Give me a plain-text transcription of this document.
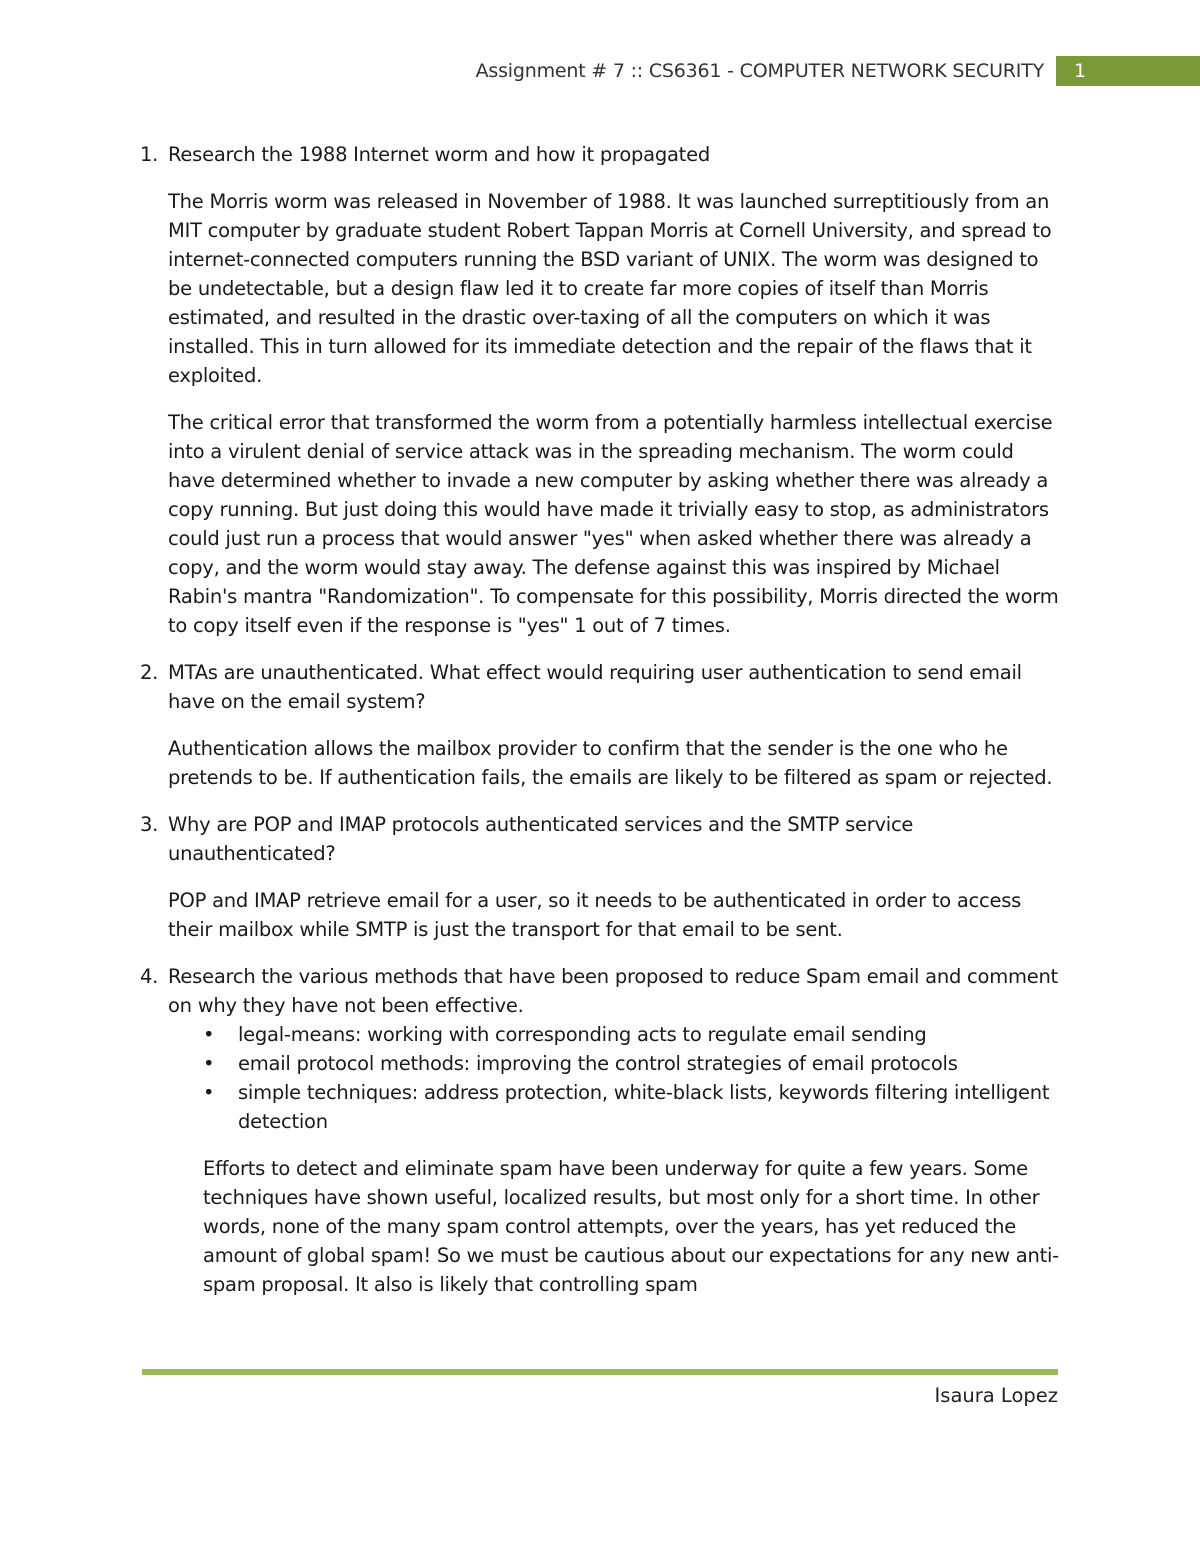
Assignment # 7 :: CS6361 - COMPUTER NETWORK SECURITY	1
1. Research the 1988 Internet worm and how it propagated

The Morris worm was released in November of 1988. It was launched surreptitiously from an MIT computer by graduate student Robert Tappan Morris at Cornell University, and spread to internet-connected computers running the BSD variant of UNIX. The worm was designed to be undetectable, but a design flaw led it to create far more copies of itself than Morris estimated, and resulted in the drastic over-taxing of all the computers on which it was installed. This in turn allowed for its immediate detection and the repair of the flaws that it exploited.

The critical error that transformed the worm from a potentially harmless intellectual exercise into a virulent denial of service attack was in the spreading mechanism. The worm could have determined whether to invade a new computer by asking whether there was already a copy running. But just doing this would have made it trivially easy to stop, as administrators could just run a process that would answer "yes" when asked whether there was already a copy, and the worm would stay away. The defense against this was inspired by Michael Rabin's mantra "Randomization". To compensate for this possibility, Morris directed the worm to copy itself even if the response is "yes" 1 out of 7 times.

2. MTAs are unauthenticated. What effect would requiring user authentication to send email have on the email system?

Authentication allows the mailbox provider to confirm that the sender is the one who he pretends to be. If authentication fails, the emails are likely to be filtered as spam or rejected.

3. Why are POP and IMAP protocols authenticated services and the SMTP service unauthenticated?

POP and IMAP retrieve email for a user, so it needs to be authenticated in order to access their mailbox while SMTP is just the transport for that email to be sent.

4. Research the various methods that have been proposed to reduce Spam email and comment on why they have not been effective.
• legal-means: working with corresponding acts to regulate email sending
• email protocol methods: improving the control strategies of email protocols
• simple techniques: address protection, white-black lists, keywords filtering intelligent detection

Efforts to detect and eliminate spam have been underway for quite a few years. Some techniques have shown useful, localized results, but most only for a short time. In other words, none of the many spam control attempts, over the years, has yet reduced the amount of global spam! So we must be cautious about our expectations for any new anti-spam proposal. It also is likely that controlling spam

Isaura Lopez
